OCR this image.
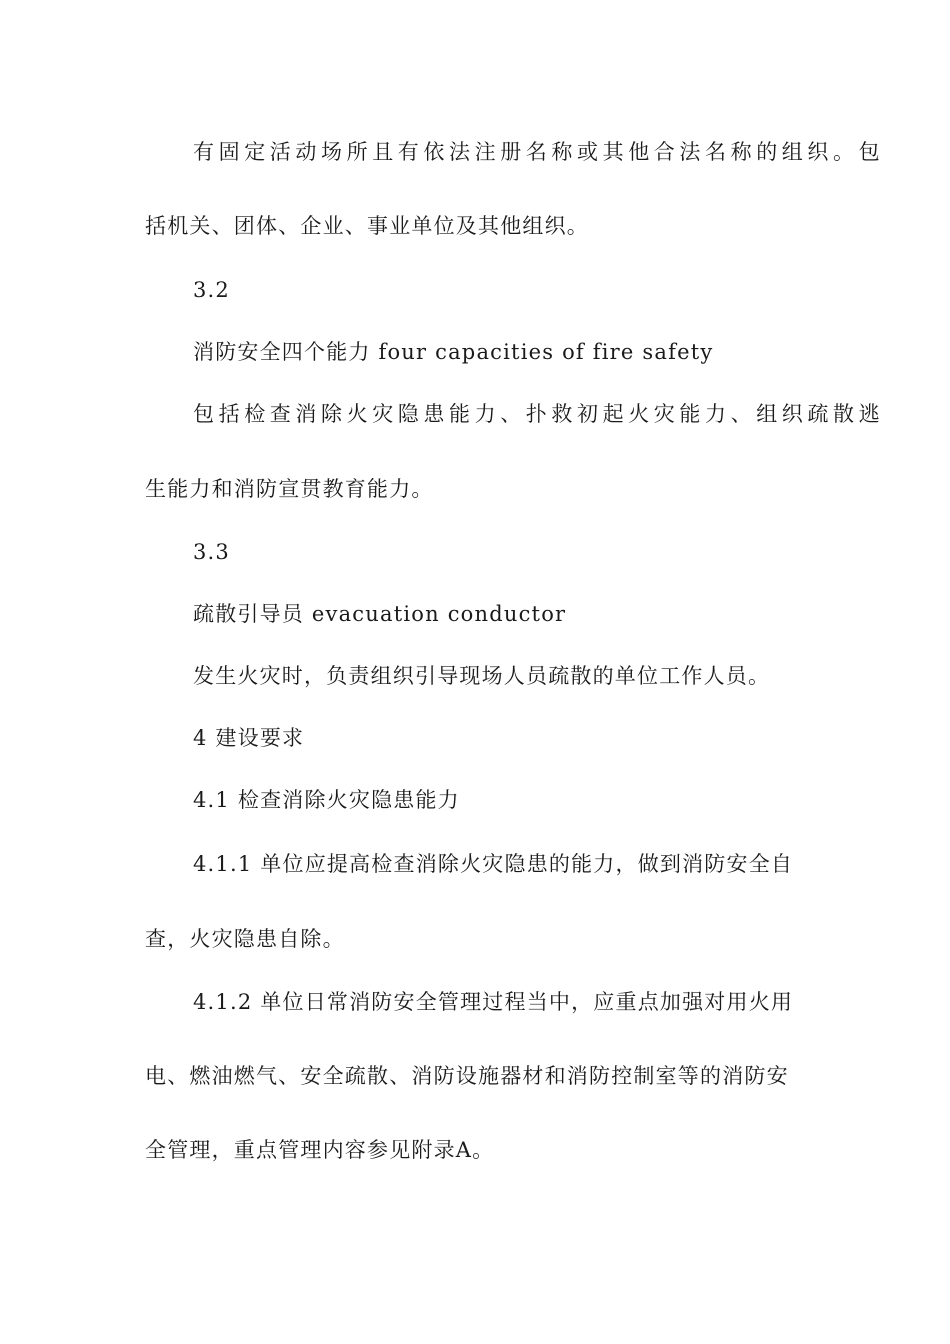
有固定活动场所且有依法注册名称或其他合法名称的组织。包
括机关、团体、企业、事业单位及其他组织。
3.2
消防安全四个能力 four capacities of fire safety
包括检查消除火灾隐患能力、扑救初起火灾能力、组织疏散逃
生能力和消防宣贯教育能力。
3.3
疏散引导员 evacuation conductor
发生火灾时，负责组织引导现场人员疏散的单位工作人员。
4 建设要求
4.1 检查消除火灾隐患能力
4.1.1 单位应提高检查消除火灾隐患的能力，做到消防安全自
查，火灾隐患自除。
4.1.2 单位日常消防安全管理过程当中，应重点加强对用火用
电、燃油燃气、安全疏散、消防设施器材和消防控制室等的消防安
全管理，重点管理内容参见附录A。
